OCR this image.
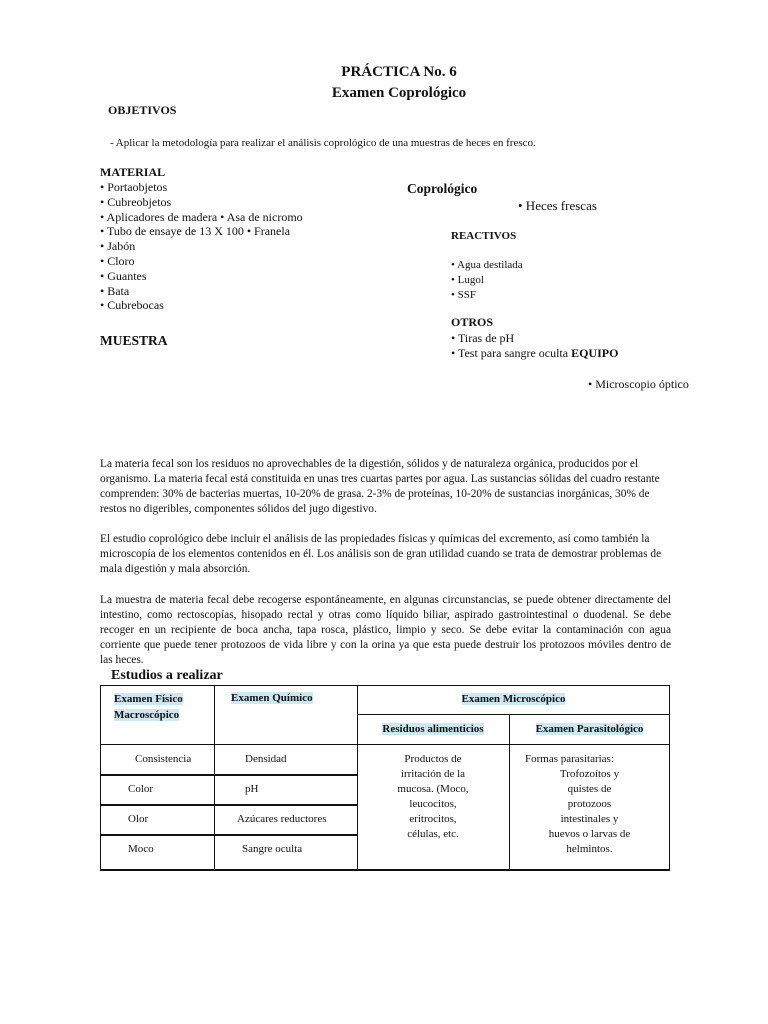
PRÁCTICA No. 6
Examen Coprológico
OBJETIVOS
- Aplicar la metodología para realizar el análisis coprológico de una muestras de heces en fresco.
MATERIAL
• Portaobjetos
• Cubreobjetos
• Aplicadores de madera • Asa de nicromo
• Tubo de ensaye de 13 X 100 • Franela
• Jabón
• Cloro
• Guantes
• Bata
• Cubrebocas
Coprológico
• Heces frescas
REACTIVOS
• Agua destilada
• Lugol
• SSF
OTROS
• Tiras de pH
• Test para sangre oculta EQUIPO
• Microscopio óptico
MUESTRA
La materia fecal son los residuos no aprovechables de la digestión, sólidos y de naturaleza orgánica, producidos por el organismo. La materia fecal está constituida en unas tres cuartas partes por agua. Las sustancias sólidas del cuadro restante comprenden: 30% de bacterias muertas, 10-20% de grasa. 2-3% de proteínas, 10-20% de sustancias inorgánicas, 30% de restos no digeribles, componentes sólidos del jugo digestivo.
El estudio coprológico debe incluir el análisis de las propiedades físicas y químicas del excremento, así como también la microscopía de los elementos contenidos en él. Los análisis son de gran utilidad cuando se trata de demostrar problemas de mala digestión y mala absorción.
La muestra de materia fecal debe recogerse espontáneamente, en algunas circunstancias, se puede obtener directamente del intestino, como rectoscopías, hisopado rectal y otras como líquido biliar, aspirado gastrointestinal o duodenal. Se debe recoger en un recipiente de boca ancha, tapa rosca, plástico, limpio y seco. Se debe evitar la contaminación con agua corriente que puede tener protozoos de vida libre y con la orina ya que esta puede destruir los protozoos móviles dentro de las heces.
Estudios a realizar
Examen Físico
Macroscópico
Examen Químico	Examen Microscópico
Residuos alimenticios	Examen Parasitológico
Consistencia
Color
Olor
Moco
Densidad
pH
Azúcares reductores
Sangre oculta
Productos de
irritación de la
mucosa. (Moco,
leucocitos,
eritrocitos,
células, etc.
Formas parasitarias:
Trofozoítos y
quistes de
protozoos
intestinales y
huevos o larvas de
helmintos.
